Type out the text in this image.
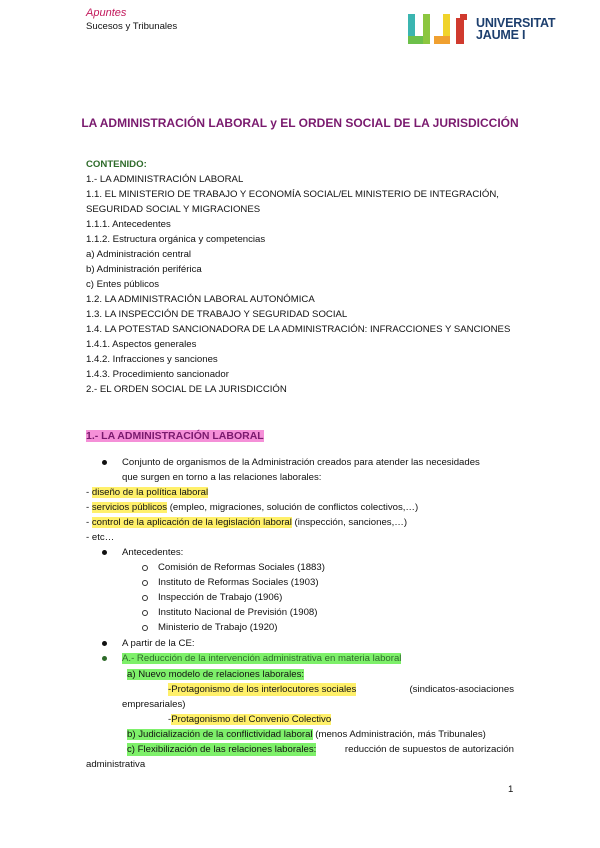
Apuntes
Sucesos y Tribunales	UNIVERSITAT
JAUME I
LA ADMINISTRACIÓN LABORAL y EL ORDEN SOCIAL DE LA JURISDICCIÓN
CONTENIDO:
1.- LA ADMINISTRACIÓN LABORAL
1.1. EL MINISTERIO DE TRABAJO Y ECONOMÍA SOCIAL/EL MINISTERIO DE INTEGRACIÓN,
SEGURIDAD SOCIAL Y MIGRACIONES
1.1.1. Antecedentes
1.1.2. Estructura orgánica y competencias
a) Administración central
b) Administración periférica
c) Entes públicos
1.2. LA ADMINISTRACIÓN LABORAL AUTONÓMICA
1.3. LA INSPECCIÓN DE TRABAJO Y SEGURIDAD SOCIAL
1.4. LA POTESTAD SANCIONADORA DE LA ADMINISTRACIÓN: INFRACCIONES Y SANCIONES
1.4.1. Aspectos generales
1.4.2. Infracciones y sanciones
1.4.3. Procedimiento sancionador
2.- EL ORDEN SOCIAL DE LA JURISDICCIÓN
1.- LA ADMINISTRACIÓN LABORAL
Conjunto de organismos de la Administración creados para atender las necesidades
que surgen en torno a las relaciones laborales:
- diseño de la política laboral
- servicios públicos (empleo, migraciones, solución de conflictos colectivos,…)
- control de la aplicación de la legislación laboral (inspección, sanciones,…)
- etc…
Antecedentes:
Comisión de Reformas Sociales (1883)
Instituto de Reformas Sociales (1903)
Inspección de Trabajo (1906)
Instituto Nacional de Previsión (1908)
Ministerio de Trabajo (1920)
A partir de la CE:
A.- Reducción de la intervención administrativa en materia laboral
a) Nuevo modelo de relaciones laborales:
-Protagonismo de los interlocutores sociales	(sindicatos-asociaciones
empresariales)
-Protagonismo del Convenio Colectivo
b) Judicialización de la conflictividad laboral (menos Administración, más Tribunales)
c) Flexibilización de las relaciones laborales:	reducción de supuestos de autorización
administrativa
1
